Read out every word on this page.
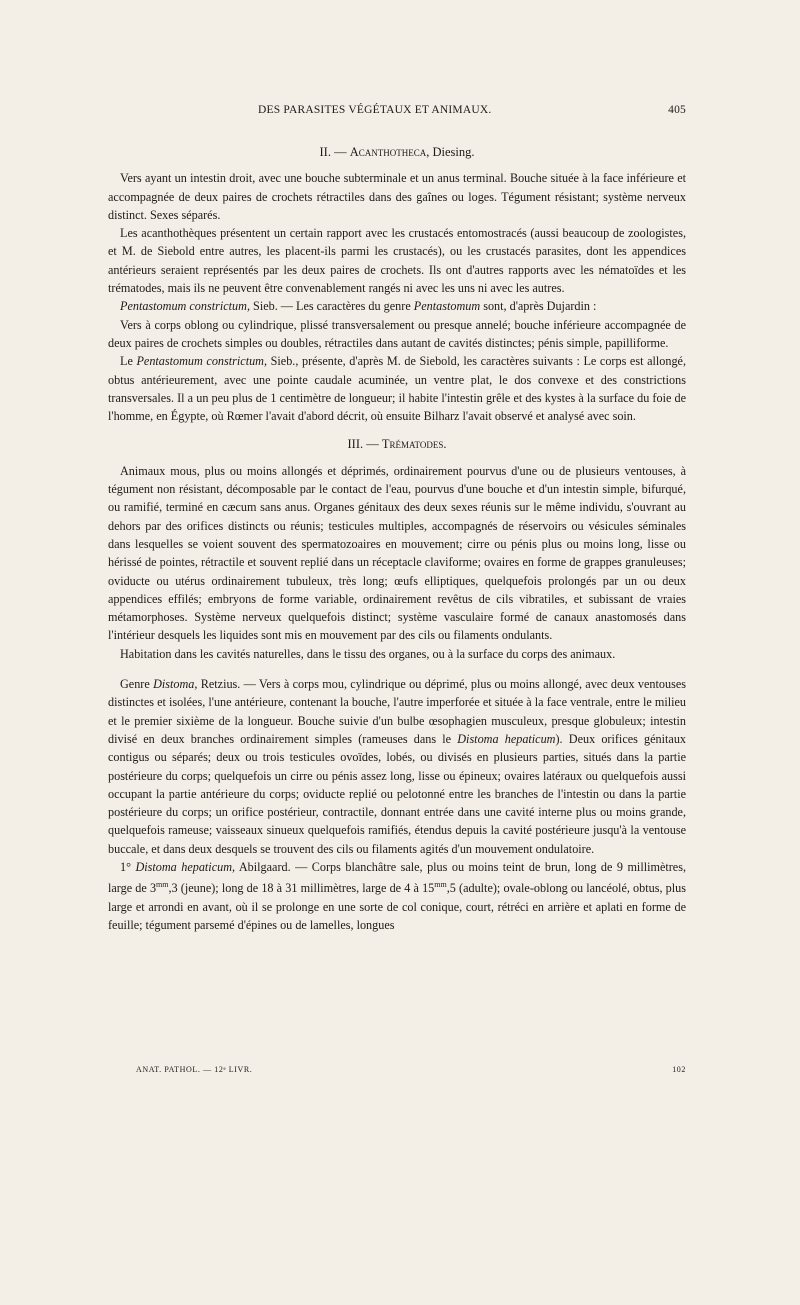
DES PARASITES VÉGÉTAUX ET ANIMAUX.	405
II. — Acanthotheca, Diesing.

Vers ayant un intestin droit, avec une bouche subterminale et un anus terminal. Bouche située à la face inférieure et accompagnée de deux paires de crochets rétractiles dans des gaînes ou loges. Tégument résistant; système nerveux distinct. Sexes séparés.

Les acanthothèques présentent un certain rapport avec les crustacés entomostracés (aussi beaucoup de zoologistes, et M. de Siebold entre autres, les placent-ils parmi les crustacés), ou les crustacés parasites, dont les appendices antérieurs seraient représentés par les deux paires de crochets. Ils ont d'autres rapports avec les nématoïdes et les trématodes, mais ils ne peuvent être convenablement rangés ni avec les uns ni avec les autres.

Pentastomum constrictum, Sieb. — Les caractères du genre Pentastomum sont, d'après Dujardin :

Vers à corps oblong ou cylindrique, plissé transversalement ou presque annelé; bouche inférieure accompagnée de deux paires de crochets simples ou doubles, rétractiles dans autant de cavités distinctes; pénis simple, papilliforme.

Le Pentastomum constrictum, Sieb., présente, d'après M. de Siebold, les caractères suivants : Le corps est allongé, obtus antérieurement, avec une pointe caudale acuminée, un ventre plat, le dos convexe et des constrictions transversales. Il a un peu plus de 1 centimètre de longueur; il habite l'intestin grêle et des kystes à la surface du foie de l'homme, en Égypte, où Rœmer l'avait d'abord décrit, où ensuite Bilharz l'avait observé et analysé avec soin.

III. — Trématodes.

Animaux mous, plus ou moins allongés et déprimés, ordinairement pourvus d'une ou de plusieurs ventouses, à tégument non résistant, décomposable par le contact de l'eau, pourvus d'une bouche et d'un intestin simple, bifurqué, ou ramifié, terminé en cæcum sans anus. Organes génitaux des deux sexes réunis sur le même individu, s'ouvrant au dehors par des orifices distincts ou réunis; testicules multiples, accompagnés de réservoirs ou vésicules séminales dans lesquelles se voient souvent des spermatozoaires en mouvement; cirre ou pénis plus ou moins long, lisse ou hérissé de pointes, rétractile et souvent replié dans un réceptacle claviforme; ovaires en forme de grappes granuleuses; oviducte ou utérus ordinairement tubuleux, très long; œufs elliptiques, quelquefois prolongés par un ou deux appendices effilés; embryons de forme variable, ordinairement revêtus de cils vibratiles, et subissant de vraies métamorphoses. Système nerveux quelquefois distinct; système vasculaire formé de canaux anastomosés dans l'intérieur desquels les liquides sont mis en mouvement par des cils ou filaments ondulants.

Habitation dans les cavités naturelles, dans le tissu des organes, ou à la surface du corps des animaux.

Genre Distoma, Retzius. — Vers à corps mou, cylindrique ou déprimé, plus ou moins allongé, avec deux ventouses distinctes et isolées, l'une antérieure, contenant la bouche, l'autre imperforée et située à la face ventrale, entre le milieu et le premier sixième de la longueur. Bouche suivie d'un bulbe œsophagien musculeux, presque globuleux; intestin divisé en deux branches ordinairement simples (rameuses dans le Distoma hepaticum). Deux orifices génitaux contigus ou séparés; deux ou trois testicules ovoïdes, lobés, ou divisés en plusieurs parties, situés dans la partie postérieure du corps; quelquefois un cirre ou pénis assez long, lisse ou épineux; ovaires latéraux ou quelquefois aussi occupant la partie antérieure du corps; oviducte replié ou pelotonné entre les branches de l'intestin ou dans la partie postérieure du corps; un orifice postérieur, contractile, donnant entrée dans une cavité interne plus ou moins grande, quelquefois rameuse; vaisseaux sinueux quelquefois ramifiés, étendus depuis la cavité postérieure jusqu'à la ventouse buccale, et dans deux desquels se trouvent des cils ou filaments agités d'un mouvement ondulatoire.

1° Distoma hepaticum, Abilgaard. — Corps blanchâtre sale, plus ou moins teint de brun, long de 9 millimètres, large de $3^{mm},3$ (jeune); long de 18 à 31 millimètres, large de 4 à $15^{mm},5$ (adulte); ovale-oblong ou lancéolé, obtus, plus large et arrondi en avant, où il se prolonge en une sorte de col conique, court, rétréci en arrière et aplati en forme de feuille; tégument parsemé d'épines ou de lamelles, longues

ANAT. PATHOL. — 12ᵉ LIVR.	102
